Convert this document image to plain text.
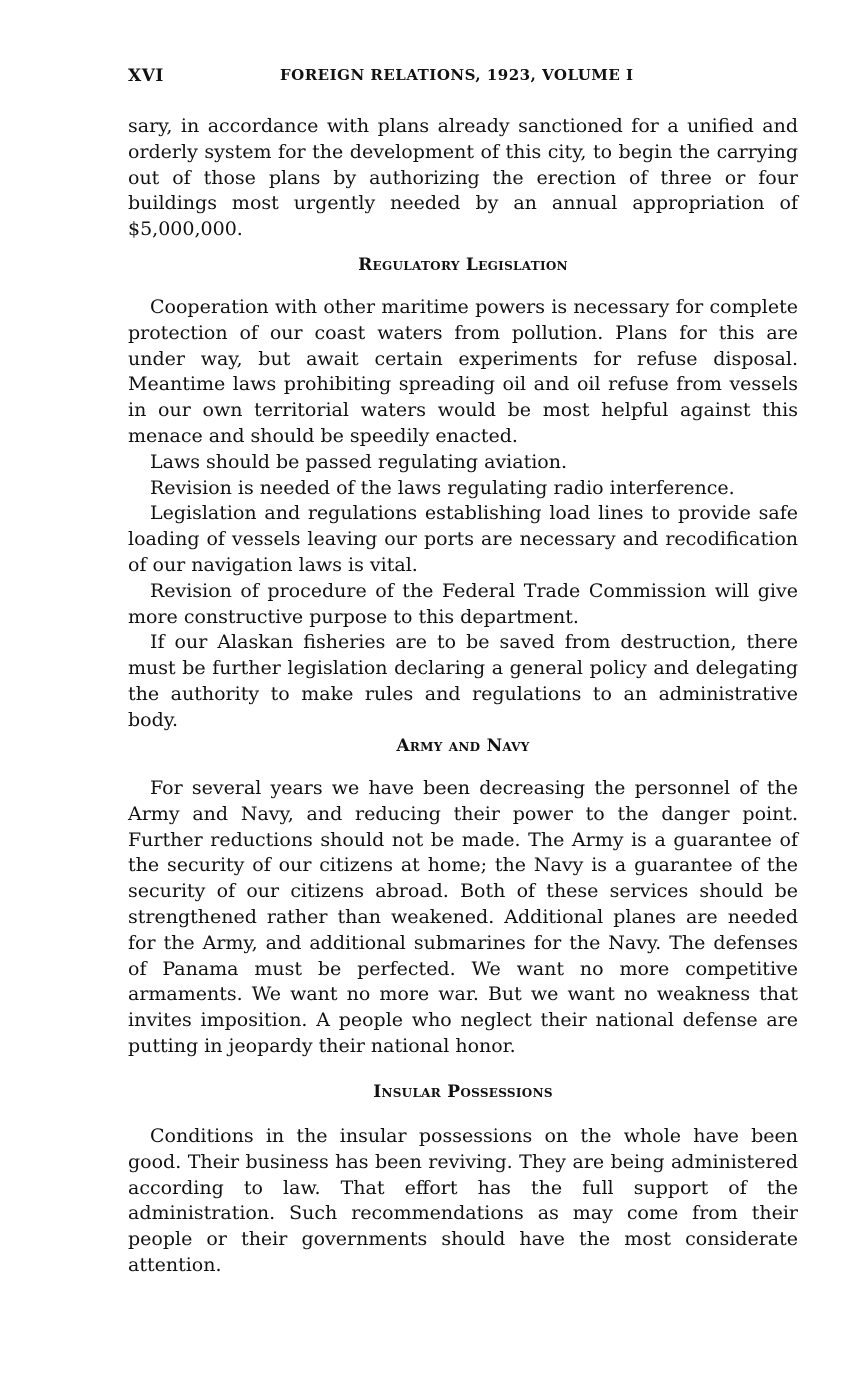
XVI	FOREIGN RELATIONS, 1923, VOLUME I

sary, in accordance with plans already sanctioned for a unified and orderly system for the development of this city, to begin the carrying out of those plans by authorizing the erection of three or four buildings most urgently needed by an annual appropriation of $5,000,000.

Regulatory Legislation

Cooperation with other maritime powers is necessary for complete protection of our coast waters from pollution. Plans for this are under way, but await certain experiments for refuse disposal. Meantime laws prohibiting spreading oil and oil refuse from vessels in our own territorial waters would be most helpful against this menace and should be speedily enacted.

Laws should be passed regulating aviation.

Revision is needed of the laws regulating radio interference.

Legislation and regulations establishing load lines to provide safe loading of vessels leaving our ports are necessary and recodification of our navigation laws is vital.

Revision of procedure of the Federal Trade Commission will give more constructive purpose to this department.

If our Alaskan fisheries are to be saved from destruction, there must be further legislation declaring a general policy and delegating the authority to make rules and regulations to an administrative body.

Army and Navy

For several years we have been decreasing the personnel of the Army and Navy, and reducing their power to the danger point. Further reductions should not be made. The Army is a guarantee of the security of our citizens at home; the Navy is a guarantee of the security of our citizens abroad. Both of these services should be strengthened rather than weakened. Additional planes are needed for the Army, and additional submarines for the Navy. The defenses of Panama must be perfected. We want no more competitive armaments. We want no more war. But we want no weakness that invites imposition. A people who neglect their national defense are putting in jeopardy their national honor.

Insular Possessions

Conditions in the insular possessions on the whole have been good. Their business has been reviving. They are being administered according to law. That effort has the full support of the administration. Such recommendations as may come from their people or their governments should have the most considerate attention.
